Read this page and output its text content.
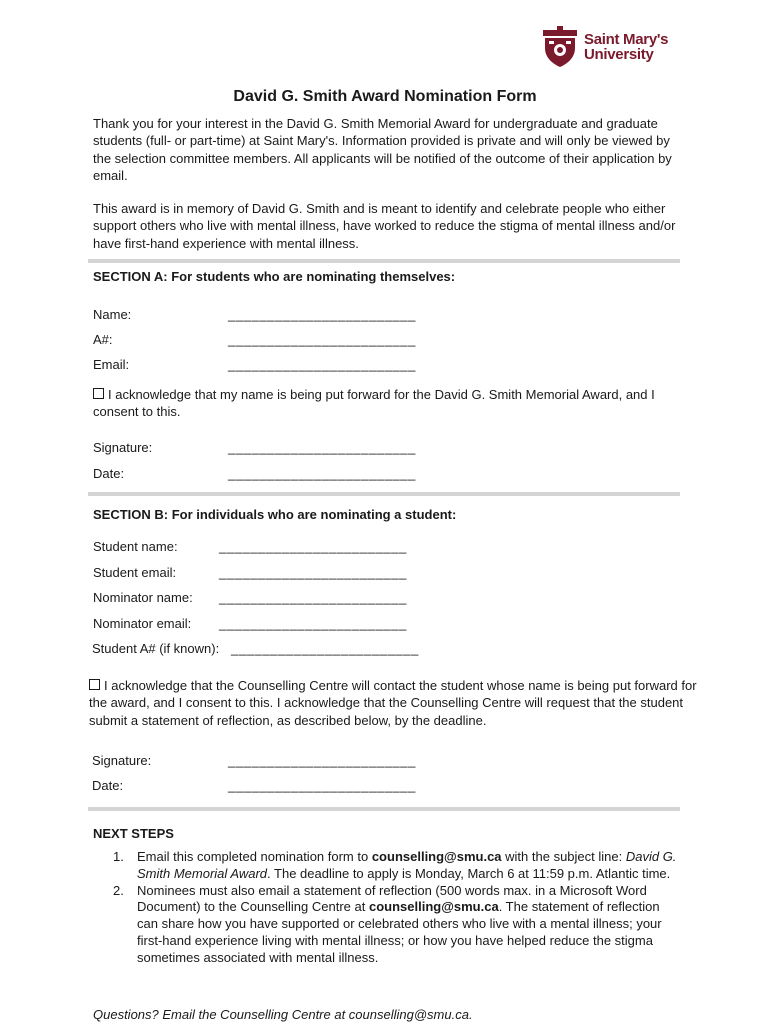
Saint Mary's
University
David G. Smith Award Nomination Form
Thank you for your interest in the David G. Smith Memorial Award for undergraduate and graduate students (full- or part-time) at Saint Mary's. Information provided is private and will only be viewed by the selection committee members. All applicants will be notified of the outcome of their application by email.
This award is in memory of David G. Smith and is meant to identify and celebrate people who either support others who live with mental illness, have worked to reduce the stigma of mental illness and/or have first-hand experience with mental illness.
SECTION A: For students who are nominating themselves:
Name:	________________________
A#:	________________________
Email:	________________________
I acknowledge that my name is being put forward for the David G. Smith Memorial Award, and I consent to this.
Signature:	________________________
Date:	________________________
SECTION B: For individuals who are nominating a student:
Student name:	________________________
Student email:	________________________
Nominator name: ________________________
Nominator email: ________________________
Student A# (if known): ________________________
I acknowledge that the Counselling Centre will contact the student whose name is being put forward for the award, and I consent to this. I acknowledge that the Counselling Centre will request that the student submit a statement of reflection, as described below, by the deadline.
Signature:	________________________
Date:	________________________
NEXT STEPS
1. Email this completed nomination form to counselling@smu.ca with the subject line: David G. Smith Memorial Award. The deadline to apply is Monday, March 6 at 11:59 p.m. Atlantic time.
2. Nominees must also email a statement of reflection (500 words max. in a Microsoft Word Document) to the Counselling Centre at counselling@smu.ca. The statement of reflection can share how you have supported or celebrated others who live with a mental illness; your first-hand experience living with mental illness; or how you have helped reduce the stigma sometimes associated with mental illness.
Questions? Email the Counselling Centre at counselling@smu.ca.
